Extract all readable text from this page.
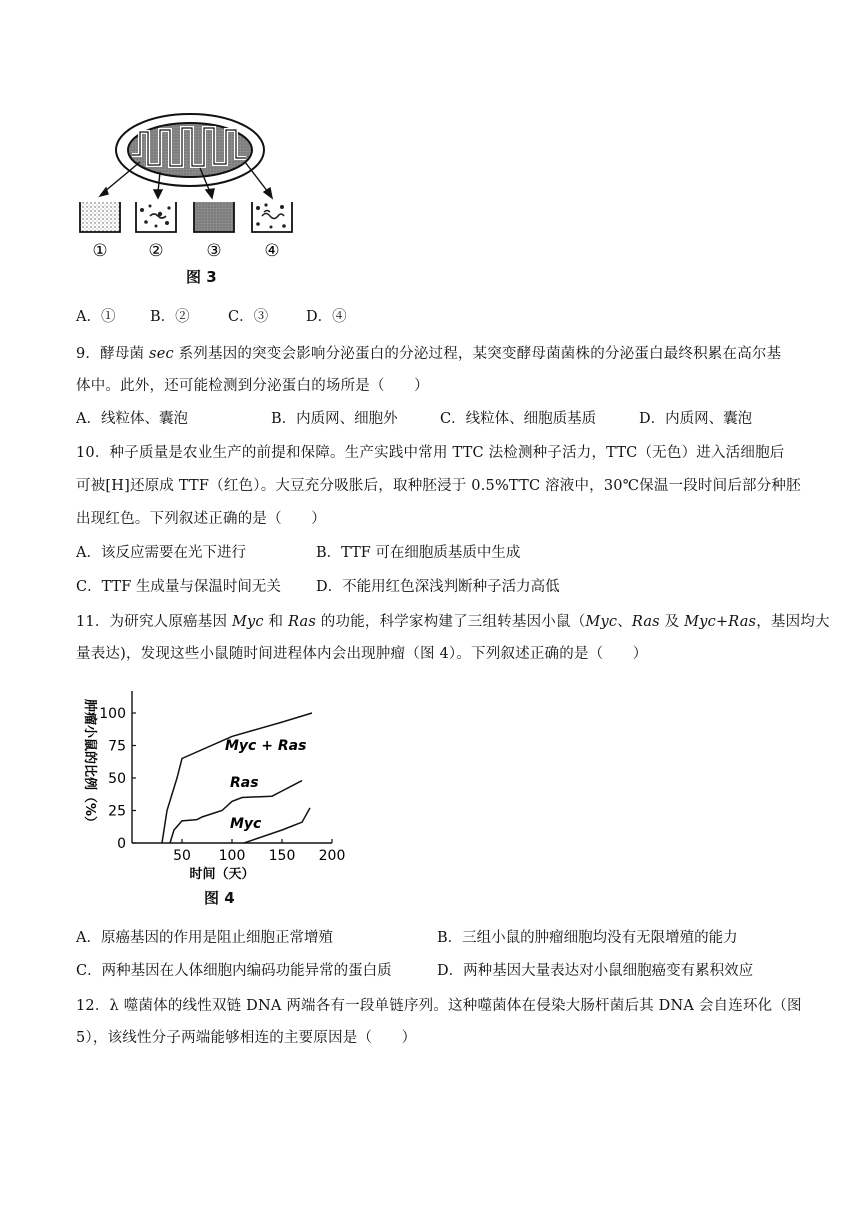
① ②	③	④
图 3
A．① B．②	C．③	D．④
9．酵母菌 sec 系列基因的突变会影响分泌蛋白的分泌过程，某突变酵母菌菌株的分泌蛋白最终积累在高尔基
体中。此外，还可能检测到分泌蛋白的场所是（　　）
A．线粒体、囊泡	B．内质网、细胞外	C．线粒体、细胞质基质	D．内质网、囊泡
10．种子质量是农业生产的前提和保障。生产实践中常用 TTC 法检测种子活力，TTC（无色）进入活细胞后
可被[H]还原成 TTF（红色）。大豆充分吸胀后，取种胚浸于 0.5%TTC 溶液中，30℃保温一段时间后部分种胚
出现红色。下列叙述正确的是（　　）
A．该反应需要在光下进行	B．TTF 可在细胞质基质中生成
C．TTF 生成量与保温时间无关 D．不能用红色深浅判断种子活力高低
11．为研究人原癌基因 Myc 和 Ras 的功能，科学家构建了三组转基因小鼠（Myc、Ras 及 Myc+Ras，基因均大
量表达)，发现这些小鼠随时间进程体内会出现肿瘤（图 4）。下列叙述正确的是（　　）
肿瘤小鼠的比例（%）
0
25
50
75
100
50 100 150 200
Myc + Ras
Ras
Myc
时间（天）
图 4
A．原癌基因的作用是阻止细胞正常增殖	B．三组小鼠的肿瘤细胞均没有无限增殖的能力
C．两种基因在人体细胞内编码功能异常的蛋白质	D．两种基因大量表达对小鼠细胞癌变有累积效应
12．λ 噬菌体的线性双链 DNA 两端各有一段单链序列。这种噬菌体在侵染大肠杆菌后其 DNA 会自连环化（图
5），该线性分子两端能够相连的主要原因是（　　）
